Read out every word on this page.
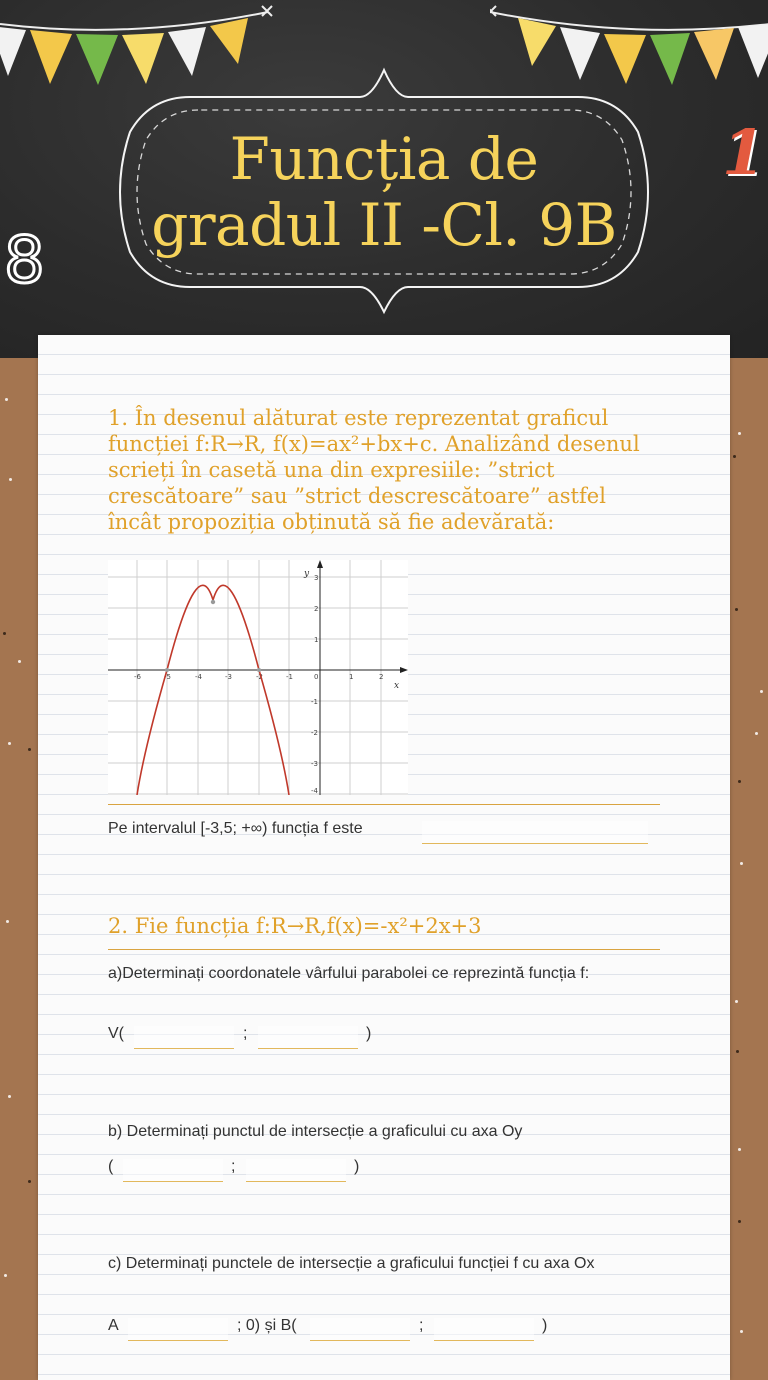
Funcția de
gradul II -Cl. 9B
1
8
1. În desenul alăturat este reprezentat graficul funcției f:R→R, f(x)=ax²+bx+c. Analizând desenul scrieți în casetă una din expresiile: ”strict crescătoare” sau ”strict descrescătoare” astfel încât propoziția obținută să fie adevărată:
x
y
-6	-5	-4	-3	-2	-1	0	1	2
3
2
1
-1
-2
-3
-4
Pe intervalul [-3,5; +∞) funcția f este
2. Fie funcția f:R→R,f(x)=-x²+2x+3
a)Determinați coordonatele vârfului parabolei ce reprezintă funcția f:
V(	;	)
b) Determinați punctul de intersecție a graficului cu axa Oy
(	;	)
c) Determinați punctele de intersecție a graficului funcției f cu axa Ox
A	; 0) și B(	;	)
